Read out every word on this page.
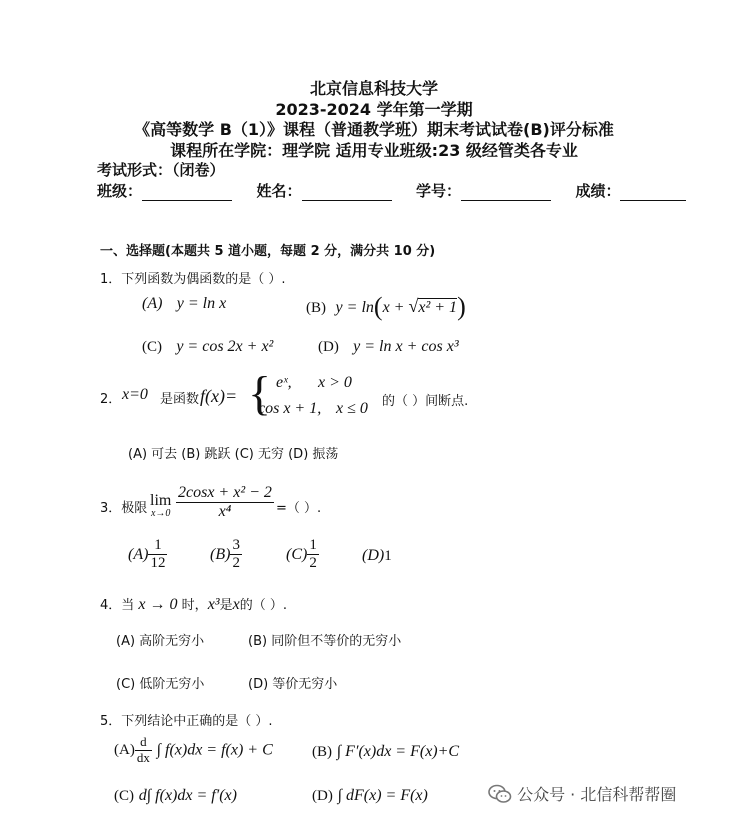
北京信息科技大学
2023-2024 学年第一学期
《高等数学 B（1）》课程（普通教学班）期末考试试卷(B)评分标准
课程所在学院：理学院 适用专业班级:23 级经管类各专业
考试形式：（闭卷）
班级：	姓名：	学号：	成绩：
一、选择题(本题共 5 道小题，每题 2 分，满分共 10 分)
1．下列函数为偶函数的是（ ）.
(A) y = ln x	(B) y = ln(x + √x² + 1)
(C) y = cos 2x + x²	(D) y = ln x + cos x³
2． x=0 是函数 f(x)= { eˣ, x > 0
cos x + 1, x ≤ 0 的（ ）间断点.
(A) 可去 (B) 跳跃 (C) 无穷 (D) 振荡
3．极限 lim
$x\to 0 \frac{\text{2cosx + x² − 2}}{\text{x⁴}}$ =（ ）.
$(A) \frac{1}{12}$	$(B) \frac{3}{2}$	$(C) \frac{1}{2}$	(D)1
4．当 x → 0 时，x³是x的（ ）.
(A) 高阶无穷小	(B) 同阶但不等价的无穷小
(C) 低阶无穷小	(D) 等价无穷小
5．下列结论中正确的是（ ）.
$(A) \frac{d}{dx}$ ∫ f(x)dx = f(x) + C	(B) ∫ F′(x)dx = F(x)+C
(C) d∫ f(x)dx = f′(x)	(D) ∫ dF(x) = F(x)	公众号 · 北信科帮帮圈
